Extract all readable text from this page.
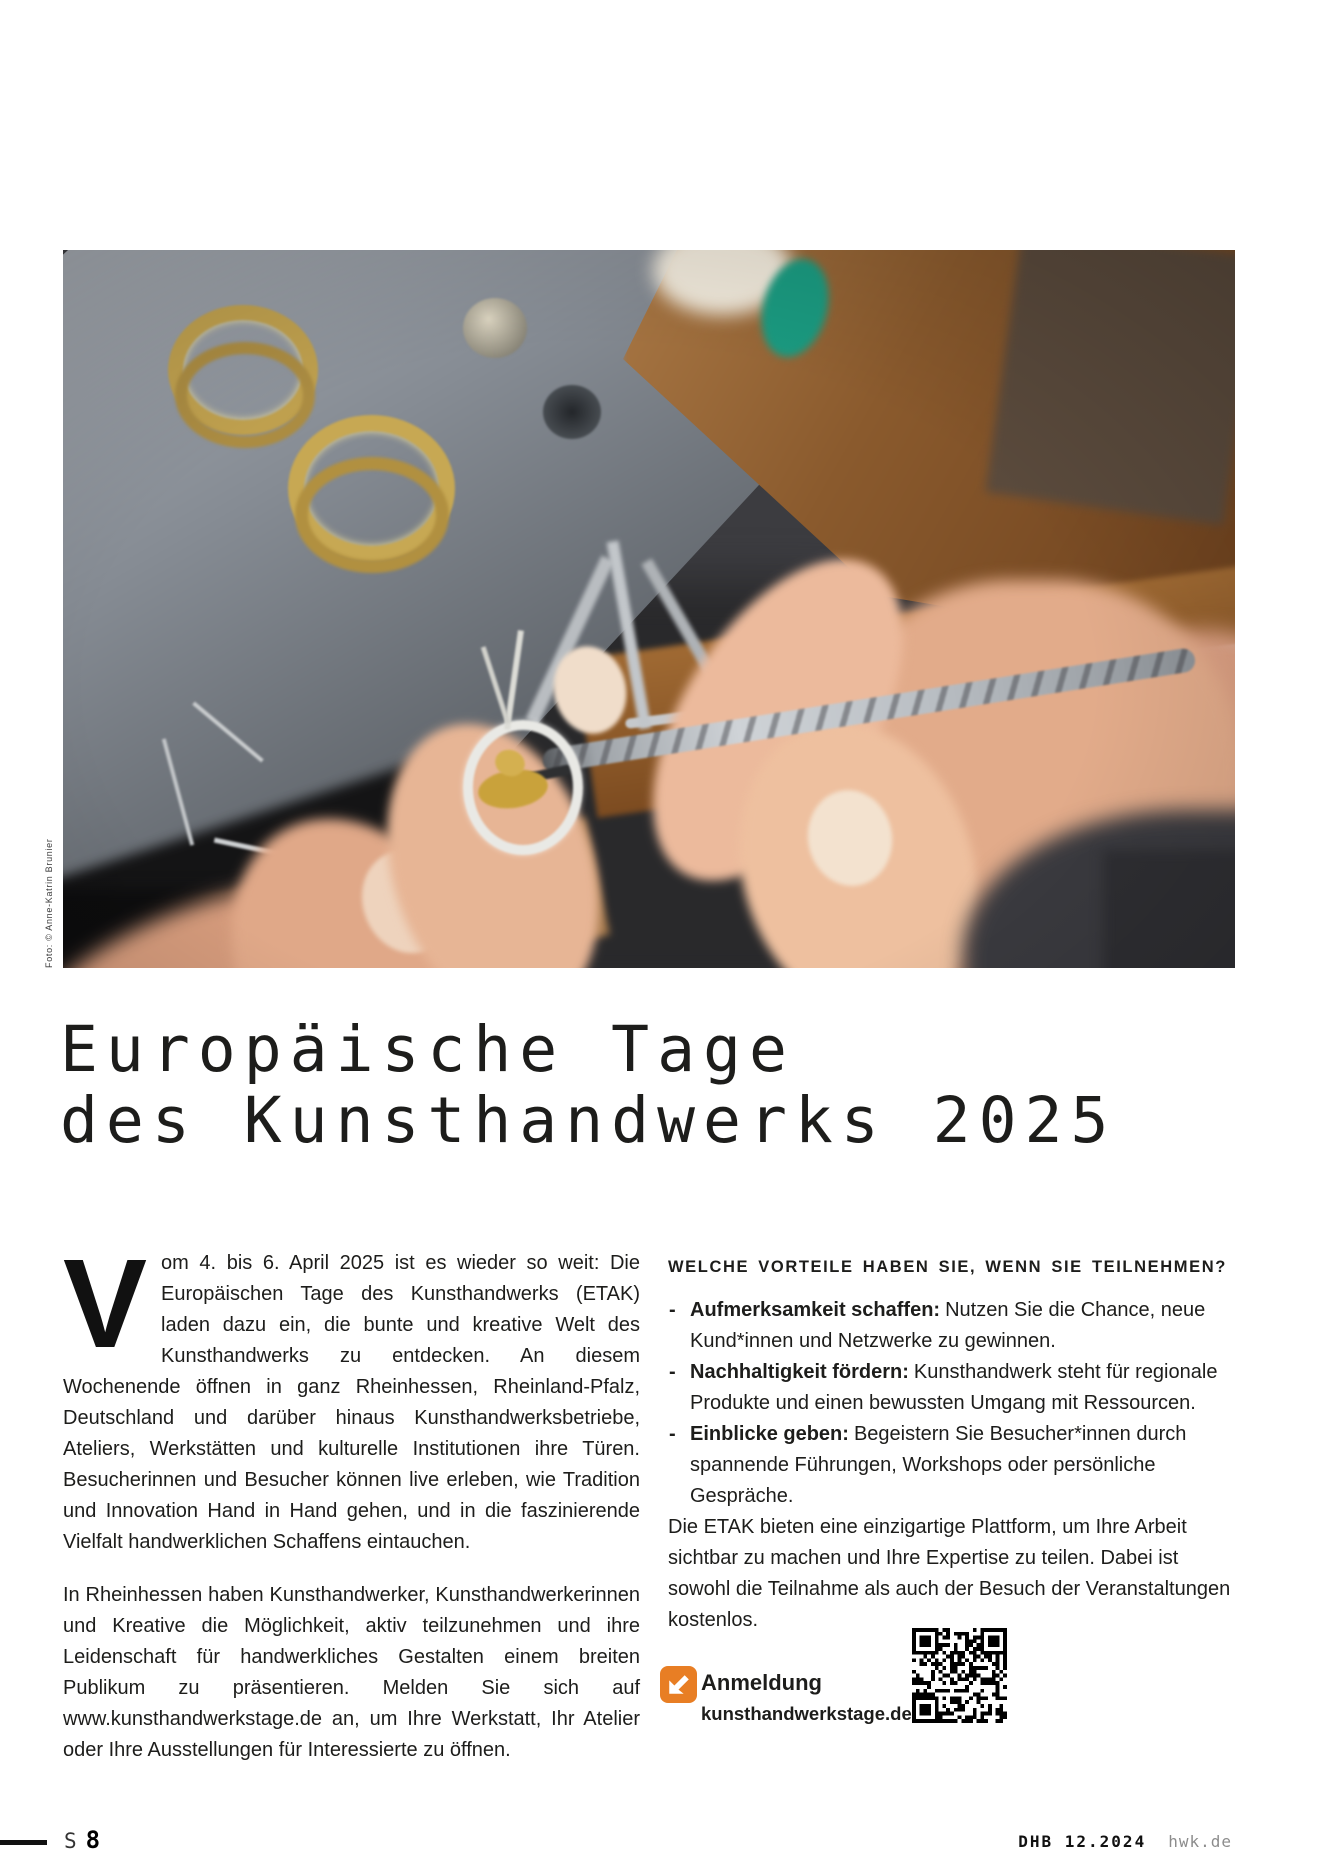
Foto: © Anne-Katrin Brunier
Europäische Tage
des Kunsthandwerks 2025

V om 4. bis 6. April 2025 ist es wieder so weit: Die Europäischen Tage des Kunsthandwerks (ETAK) laden dazu ein, die bunte und kreative Welt des Kunsthandwerks zu entdecken. An diesem Wochenende öffnen in ganz Rheinhessen, Rheinland-Pfalz, Deutschland und darüber hinaus Kunsthandwerksbetriebe, Ateliers, Werkstätten und kulturelle Institutionen ihre Türen. Besucherinnen und Besucher können live erleben, wie Tradition und Innovation Hand in Hand gehen, und in die faszinierende Vielfalt handwerklichen Schaffens eintauchen.

In Rheinhessen haben Kunsthandwerker, Kunsthandwerkerinnen und Kreative die Möglichkeit, aktiv teilzunehmen und ihre Leidenschaft für handwerkliches Gestalten einem breiten Publikum zu präsentieren. Melden Sie sich auf www.kunsthandwerkstage.de an, um Ihre Werkstatt, Ihr Atelier oder Ihre Ausstellungen für Interessierte zu öffnen.

WELCHE VORTEILE HABEN SIE, WENN SIE TEILNEHMEN?
- Aufmerksamkeit schaffen: Nutzen Sie die Chance, neue Kund*innen und Netzwerke zu gewinnen.
- Nachhaltigkeit fördern: Kunsthandwerk steht für regionale Produkte und einen bewussten Umgang mit Ressourcen.
- Einblicke geben: Begeistern Sie Besucher*innen durch spannende Führungen, Workshops oder persönliche Gespräche.

Die ETAK bieten eine einzigartige Plattform, um Ihre Arbeit sichtbar zu machen und Ihre Expertise zu teilen. Dabei ist sowohl die Teilnahme als auch der Besuch der Veranstaltungen kostenlos.

Anmeldung
kunsthandwerkstage.de
S 8	DHB 12.2024 hwk.de
